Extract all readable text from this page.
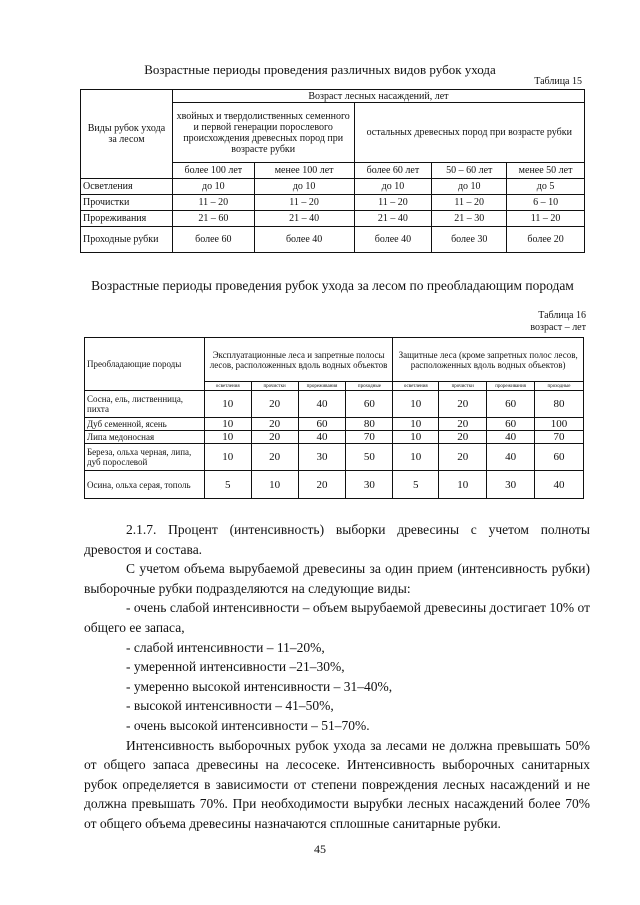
Возрастные периоды проведения различных видов рубок ухода
Таблица 15
Виды рубок ухода за лесом	Возраст лесных насаждений, лет				
	хвойных и твердолиственных семенного и первой генерации порослевого происхождения древесных пород при возрасте рубки		остальных древесных пород при возрасте рубки		
	более 100 лет	менее 100 лет	более 60 лет	50 – 60 лет	менее 50 лет
Осветления	до 10	до 10	до 10	до 10	до 5
Прочистки	11 – 20	11 – 20	11 – 20	11 – 20	6 – 10
Прореживания	21 – 60	21 – 40	21 – 40	21 – 30	11 – 20
Проходные рубки	более 60	более 40	более 40	более 30	более 20
Возрастные периоды проведения рубок ухода за лесом по преобладающим породам
Таблица 16
возраст – лет
Преобладающие породы	Эксплуатационные леса и запретные полосы лесов, расположенных вдоль водных объектов				Защитные леса (кроме запретных полос лесов, расположенных вдоль водных объектов)			
	осветления	прочистки	прореживания	проходные	осветления	прочистки	прореживания	проходные
Сосна, ель, лиственница, пихта	10	20	40	60	10	20	60	80
Дуб семенной, ясень	10	20	60	80	10	20	60	100
Липа медоносная	10	20	40	70	10	20	40	70
Береза, ольха черная, липа, дуб порослевой	10	20	30	50	10	20	40	60
Осина, ольха серая, тополь	5	10	20	30	5	10	30	40
2.1.7. Процент (интенсивность) выборки древесины с учетом полноты древостоя и состава.
С учетом объема вырубаемой древесины за один прием (интенсивность рубки) выборочные рубки подразделяются на следующие виды:
- очень слабой интенсивности – объем вырубаемой древесины достигает 10% от общего ее запаса,
- слабой интенсивности – 11–20%,
- умеренной интенсивности –21–30%,
- умеренно высокой интенсивности – 31–40%,
- высокой интенсивности – 41–50%,
- очень высокой интенсивности – 51–70%.
Интенсивность выборочных рубок ухода за лесами не должна превышать 50% от общего запаса древесины на лесосеке. Интенсивность выборочных санитарных рубок определяется в зависимости от степени повреждения лесных насаждений и не должна превышать 70%. При необходимости вырубки лесных насаждений более 70% от общего объема древесины назначаются сплошные санитарные рубки.
45
